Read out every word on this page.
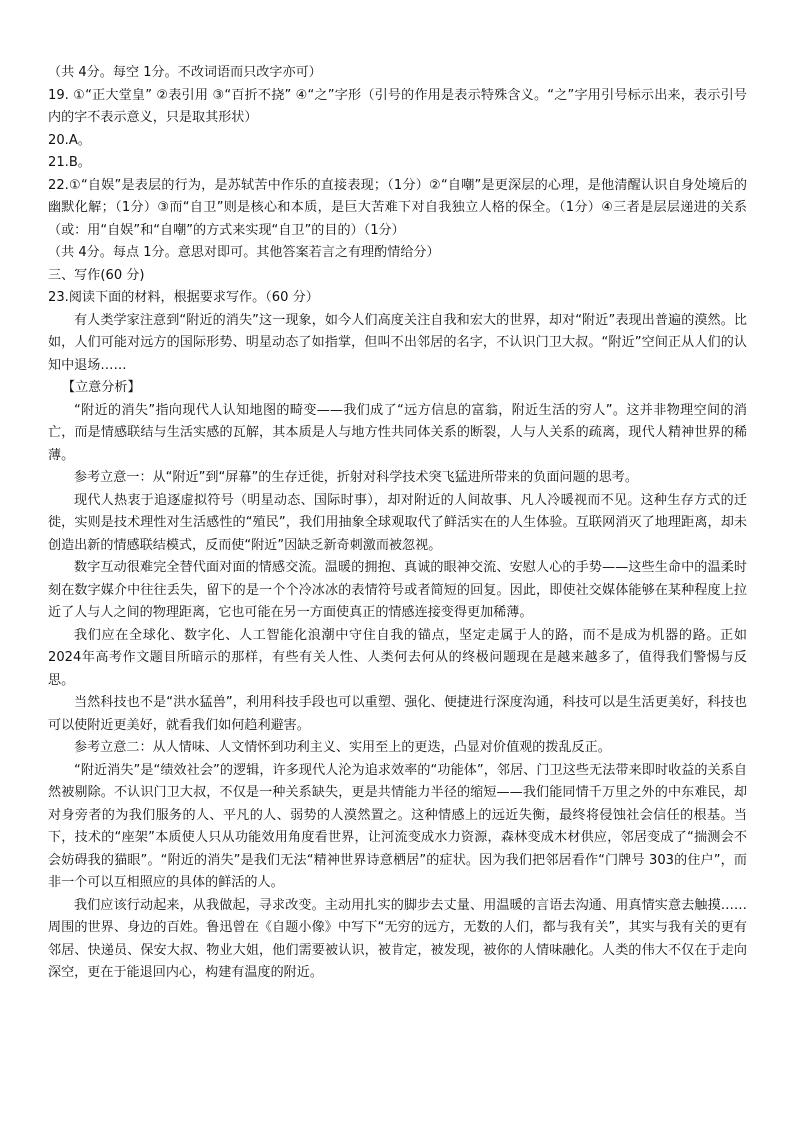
（共 4分。每空 1分。不改词语而只改字亦可）

19. ①“正大堂皇” ②表引用 ③“百折不挠” ④“之”字形（引号的作用是表示特殊含义。“之”字用引号标示出来，表示引号内的字不表示意义，只是取其形状）

20.A。

21.B。

22.①“自娱”是表层的行为，是苏轼苦中作乐的直接表现；（1分）②“自嘲”是更深层的心理，是他清醒认识自身处境后的幽默化解；（1分）③而“自卫”则是核心和本质，是巨大苦难下对自我独立人格的保全。（1分）④三者是层层递进的关系（或：用“自娱”和“自嘲”的方式来实现“自卫”的目的）（1分）

（共 4分。每点 1分。意思对即可。其他答案若言之有理酌情给分）

三、写作(60 分)

23.阅读下面的材料，根据要求写作。（60 分）

有人类学家注意到“附近的消失”这一现象，如今人们高度关注自我和宏大的世界，却对“附近”表现出普遍的漠然。比如，人们可能对远方的国际形势、明星动态了如指掌，但叫不出邻居的名字，不认识门卫大叔。“附近”空间正从人们的认知中退场……

【立意分析】

“附近的消失”指向现代人认知地图的畸变——我们成了“远方信息的富翁，附近生活的穷人”。这并非物理空间的消亡，而是情感联结与生活实感的瓦解，其本质是人与地方性共同体关系的断裂，人与人关系的疏离，现代人精神世界的稀薄。

参考立意一：从“附近”到“屏幕”的生存迁徙，折射对科学技术突飞猛进所带来的负面问题的思考。

现代人热衷于追逐虚拟符号（明星动态、国际时事），却对附近的人间故事、凡人冷暖视而不见。这种生存方式的迁徙，实则是技术理性对生活感性的“殖民”，我们用抽象全球观取代了鲜活实在的人生体验。互联网消灭了地理距离，却未创造出新的情感联结模式，反而使“附近”因缺乏新奇刺激而被忽视。

数字互动很难完全替代面对面的情感交流。温暖的拥抱、真诚的眼神交流、安慰人心的手势——这些生命中的温柔时刻在数字媒介中往往丢失，留下的是一个个冷冰冰的表情符号或者简短的回复。因此，即使社交媒体能够在某种程度上拉近了人与人之间的物理距离，它也可能在另一方面使真正的情感连接变得更加稀薄。

我们应在全球化、数字化、人工智能化浪潮中守住自我的锚点，坚定走属于人的路，而不是成为机器的路。正如 2024年高考作文题目所暗示的那样，有些有关人性、人类何去何从的终极问题现在是越来越多了，值得我们警惕与反思。

当然科技也不是“洪水猛兽”，利用科技手段也可以重塑、强化、便捷进行深度沟通，科技可以是生活更美好，科技也可以使附近更美好，就看我们如何趋利避害。

参考立意二：从人情味、人文情怀到功利主义、实用至上的更迭，凸显对价值观的拨乱反正。

“附近消失”是“绩效社会”的逻辑，许多现代人沦为追求效率的“功能体”，邻居、门卫这些无法带来即时收益的关系自然被剔除。不认识门卫大叔，不仅是一种关系缺失，更是共情能力半径的缩短——我们能同情千万里之外的中东难民，却对身旁者的为我们服务的人、平凡的人、弱势的人漠然置之。这种情感上的远近失衡，最终将侵蚀社会信任的根基。当下，技术的“座架”本质使人只从功能效用角度看世界，让河流变成水力资源，森林变成木材供应，邻居变成了“揣测会不会妨碍我的猫眼”。“附近的消失”是我们无法“精神世界诗意栖居”的症状。因为我们把邻居看作“门牌号 303的住户”，而非一个可以互相照应的具体的鲜活的人。

我们应该行动起来，从我做起，寻求改变。主动用扎实的脚步去丈量、用温暖的言语去沟通、用真情实意去触摸……周围的世界、身边的百姓。鲁迅曾在《自题小像》中写下“无穷的远方，无数的人们，都与我有关”，其实与我有关的更有邻居、快递员、保安大叔、物业大姐，他们需要被认识，被肯定，被发现，被你的人情味融化。人类的伟大不仅在于走向深空，更在于能退回内心，构建有温度的附近。
